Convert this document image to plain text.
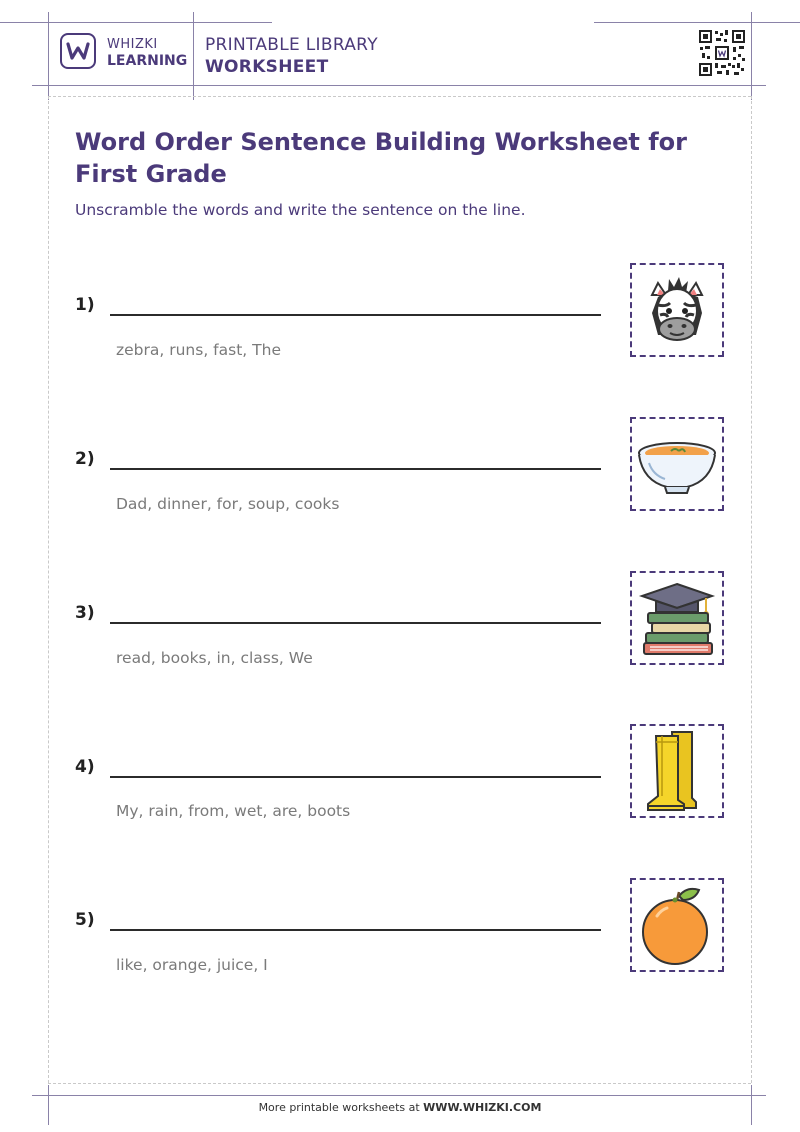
WHIZKI
LEARNING
PRINTABLE LIBRARY
WORKSHEET
Word Order Sentence Building Worksheet for First Grade
Unscramble the words and write the sentence on the line.
1)
zebra, runs, fast, The
2)
Dad, dinner, for, soup, cooks
3)
read, books, in, class, We
4)
My, rain, from, wet, are, boots
5)
like, orange, juice, I
More printable worksheets at WWW.WHIZKI.COM
